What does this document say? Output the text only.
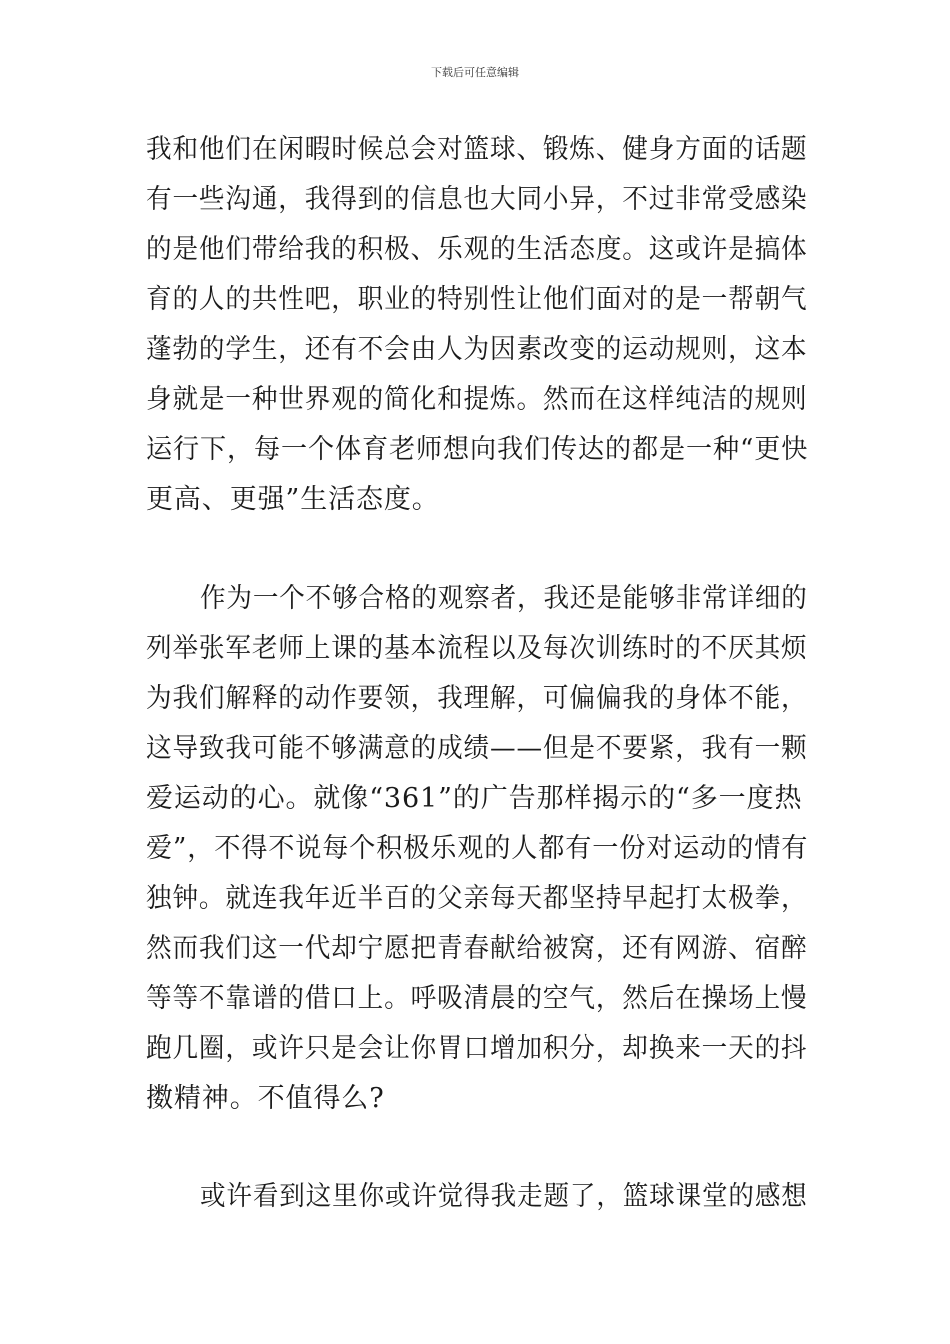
下载后可任意编辑
我和他们在闲暇时候总会对篮球、锻炼、健身方面的话题
有一些沟通，我得到的信息也大同小异，不过非常受感染
的是他们带给我的积极、乐观的生活态度。这或许是搞体
育的人的共性吧，职业的特别性让他们面对的是一帮朝气
蓬勃的学生，还有不会由人为因素改变的运动规则，这本
身就是一种世界观的简化和提炼。然而在这样纯洁的规则
运行下，每一个体育老师想向我们传达的都是一种“更快
更高、更强”生活态度。
作为一个不够合格的观察者，我还是能够非常详细的
列举张军老师上课的基本流程以及每次训练时的不厌其烦
为我们解释的动作要领，我理解，可偏偏我的身体不能，
这导致我可能不够满意的成绩——但是不要紧，我有一颗
爱运动的心。就像“361”的广告那样揭示的“多一度热
爱”，不得不说每个积极乐观的人都有一份对运动的情有
独钟。就连我年近半百的父亲每天都坚持早起打太极拳，
然而我们这一代却宁愿把青春献给被窝，还有网游、宿醉
等等不靠谱的借口上。呼吸清晨的空气，然后在操场上慢
跑几圈，或许只是会让你胃口增加积分，却换来一天的抖
擞精神。不值得么?
或许看到这里你或许觉得我走题了，篮球课堂的感想
